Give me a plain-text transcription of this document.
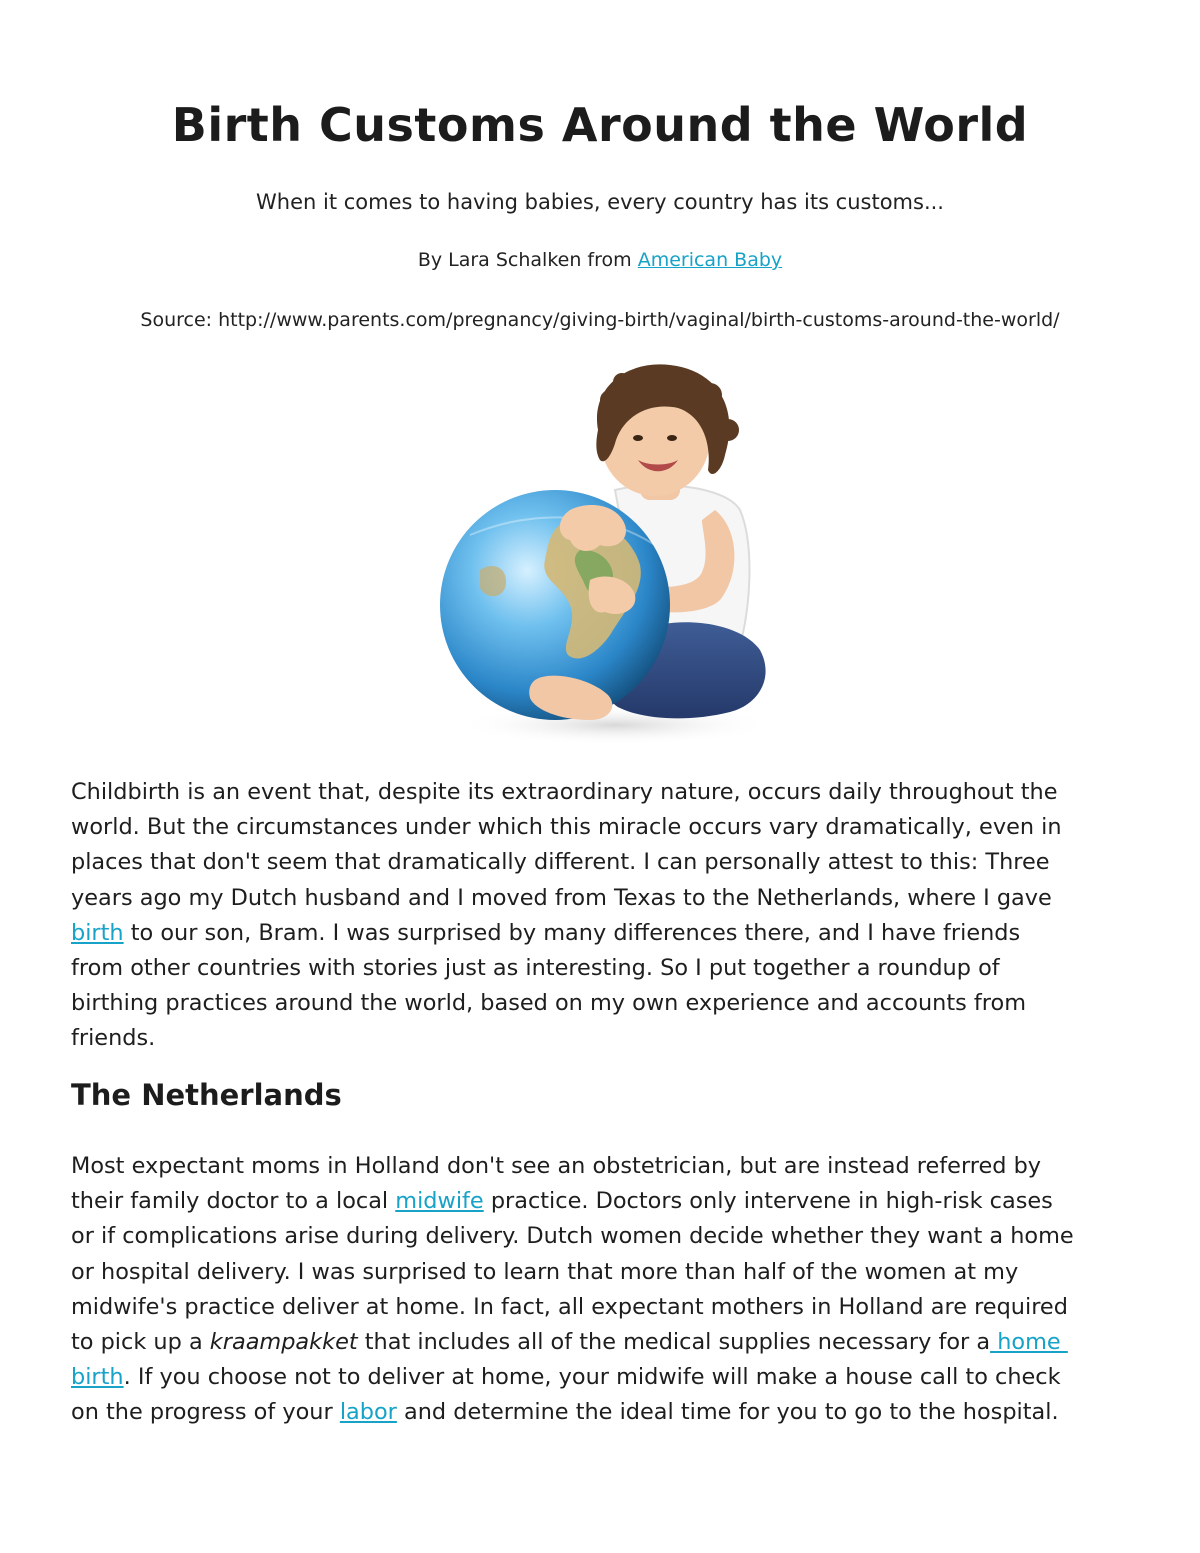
Birth Customs Around the World

When it comes to having babies, every country has its customs...

By Lara Schalken from American Baby

Source: http://www.parents.com/pregnancy/giving-birth/vaginal/birth-customs-around-the-world/

Childbirth is an event that, despite its extraordinary nature, occurs daily throughout the
world. But the circumstances under which this miracle occurs vary dramatically, even in
places that don't seem that dramatically different. I can personally attest to this: Three
years ago my Dutch husband and I moved from Texas to the Netherlands, where I gave
birth to our son, Bram. I was surprised by many differences there, and I have friends
from other countries with stories just as interesting. So I put together a roundup of
birthing practices around the world, based on my own experience and accounts from
friends.

The Netherlands

Most expectant moms in Holland don't see an obstetrician, but are instead referred by
their family doctor to a local midwife practice. Doctors only intervene in high-risk cases
or if complications arise during delivery. Dutch women decide whether they want a home
or hospital delivery. I was surprised to learn that more than half of the women at my
midwife's practice deliver at home. In fact, all expectant mothers in Holland are required
to pick up a kraampakket that includes all of the medical supplies necessary for a home
birth. If you choose not to deliver at home, your midwife will make a house call to check
on the progress of your labor and determine the ideal time for you to go to the hospital.
